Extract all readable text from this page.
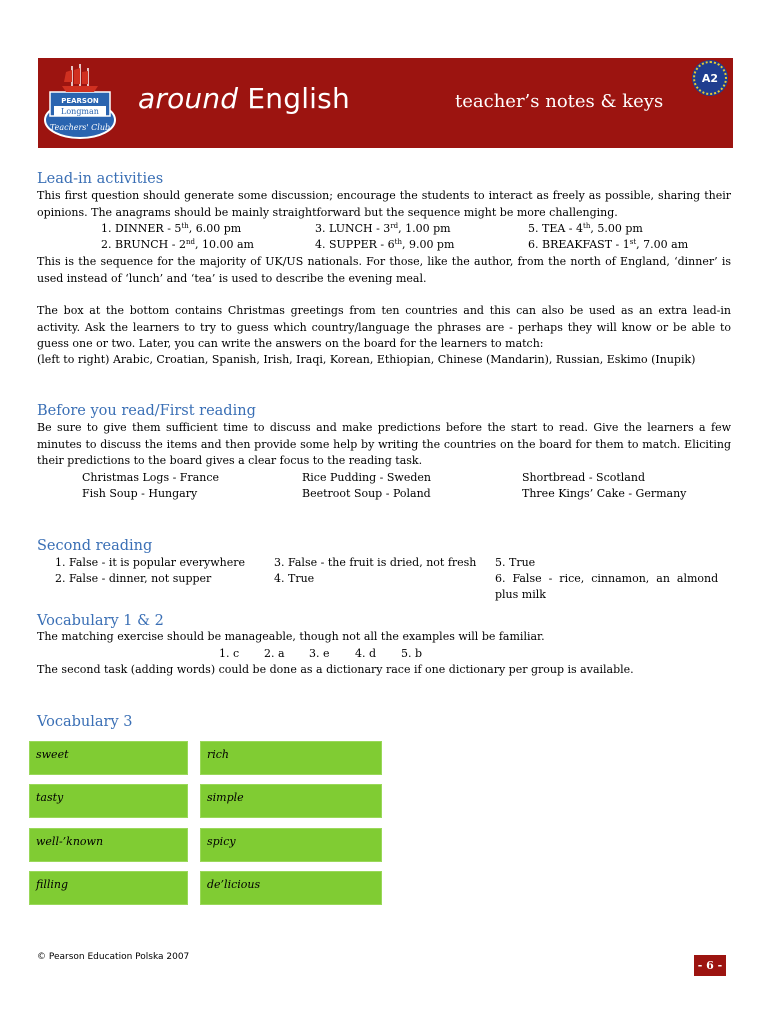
PEARSON
Longman
Teachers' Club
around English	teacher’s notes & keys
A2
Lead-in activities
This first question should generate some discussion; encourage the students to interact as freely as possible, sharing their opinions. The anagrams should be mainly straightforward but the sequence might be more challenging.
1. DINNER - 5th, 6.00 pm	3. LUNCH - 3rd, 1.00 pm	5. TEA - 4th, 5.00 pm
2. BRUNCH - 2nd, 10.00 am	4. SUPPER - 6th, 9.00 pm	6. BREAKFAST - 1st, 7.00 am
This is the sequence for the majority of UK/US nationals. For those, like the author, from the north of England, ‘dinner’ is used instead of ‘lunch’ and ‘tea’ is used to describe the evening meal.
The box at the bottom contains Christmas greetings from ten countries and this can also be used as an extra lead-in activity. Ask the learners to try to guess which country/language the phrases are - perhaps they will know or be able to guess one or two. Later, you can write the answers on the board for the learners to match:
(left to right) Arabic, Croatian, Spanish, Irish, Iraqi, Korean, Ethiopian, Chinese (Mandarin), Russian, Eskimo (Inupik)
Before you read/First reading
Be sure to give them sufficient time to discuss and make predictions before the start to read. Give the learners a few minutes to discuss the items and then provide some help by writing the countries on the board for them to match. Eliciting their predictions to the board gives a clear focus to the reading task.
Christmas Logs - France	Rice Pudding - Sweden	Shortbread - Scotland
Fish Soup - Hungary	Beetroot Soup - Poland	Three Kings’ Cake - Germany
Second reading
1. False - it is popular everywhere	3. False - the fruit is dried, not fresh 5. True
2. False - dinner, not supper	4. True	6.  False  -  rice,  cinnamon,  an  almond
plus milk
Vocabulary 1 & 2
The matching exercise should be manageable, though not all the examples will be familiar.
1. c 2. a 3. e 4. d 5. b
The second task (adding words) could be done as a dictionary race if one dictionary per group is available.
Vocabulary 3
sweet	rich
tasty	simple
well-’known	spicy
filling	de’licious
© Pearson Education Polska 2007
- 6 -
